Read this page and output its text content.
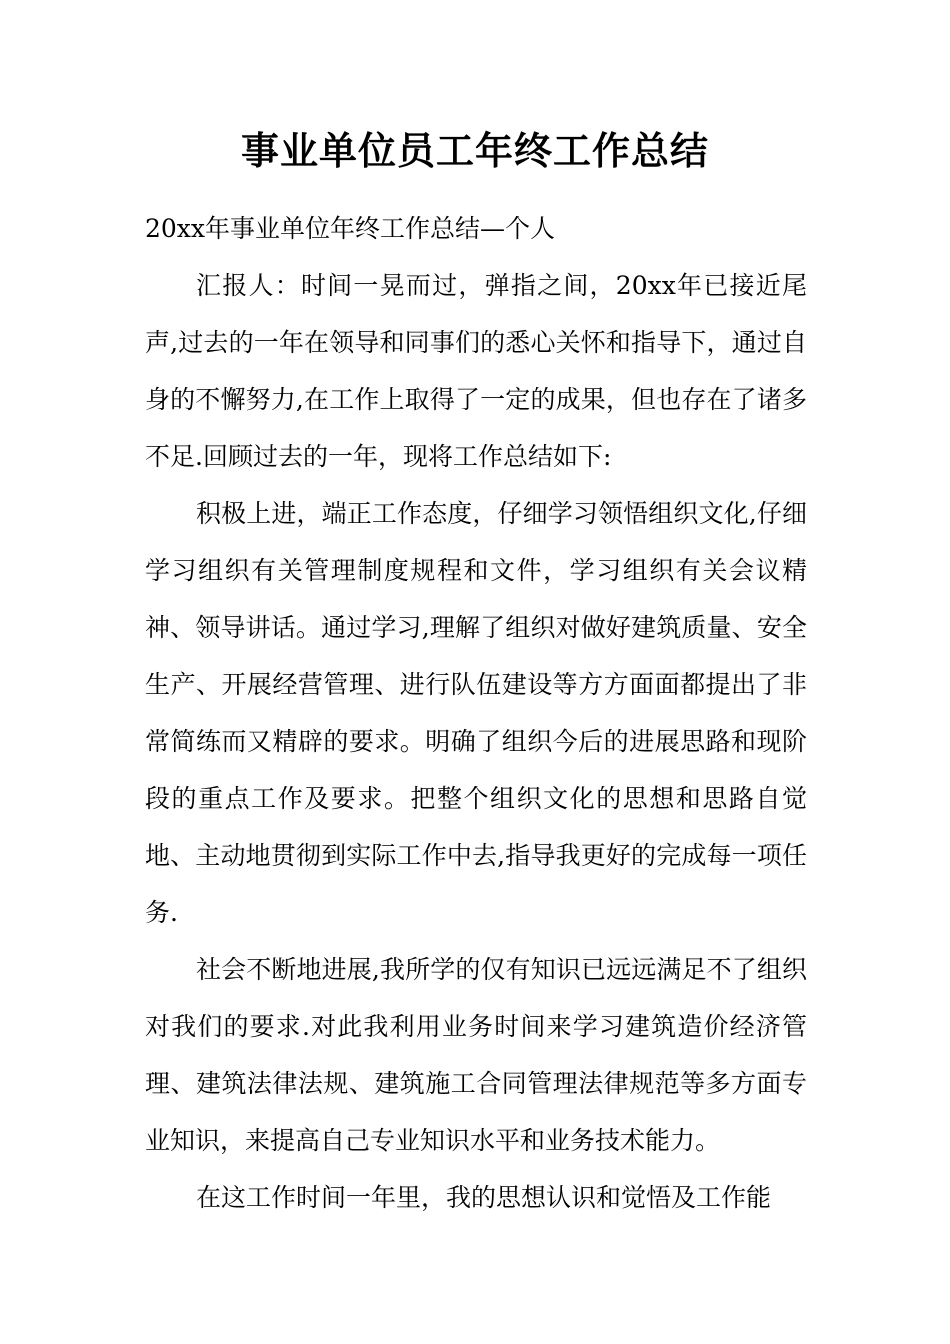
事业单位员工年终工作总结

20xx年事业单位年终工作总结—个人

汇报人：时间一晃而过，弹指之间，20xx年已接近尾声,过去的一年在领导和同事们的悉心关怀和指导下，通过自身的不懈努力,在工作上取得了一定的成果，但也存在了诸多不足.回顾过去的一年，现将工作总结如下:

积极上进，端正工作态度，仔细学习领悟组织文化,仔细学习组织有关管理制度规程和文件，学习组织有关会议精神、领导讲话。通过学习,理解了组织对做好建筑质量、安全生产、开展经营管理、进行队伍建设等方方面面都提出了非常简练而又精辟的要求。明确了组织今后的进展思路和现阶段的重点工作及要求。把整个组织文化的思想和思路自觉地、主动地贯彻到实际工作中去,指导我更好的完成每一项任务.

社会不断地进展,我所学的仅有知识已远远满足不了组织对我们的要求.对此我利用业务时间来学习建筑造价经济管理、建筑法律法规、建筑施工合同管理法律规范等多方面专业知识，来提高自己专业知识水平和业务技术能力。

在这工作时间一年里，我的思想认识和觉悟及工作能
